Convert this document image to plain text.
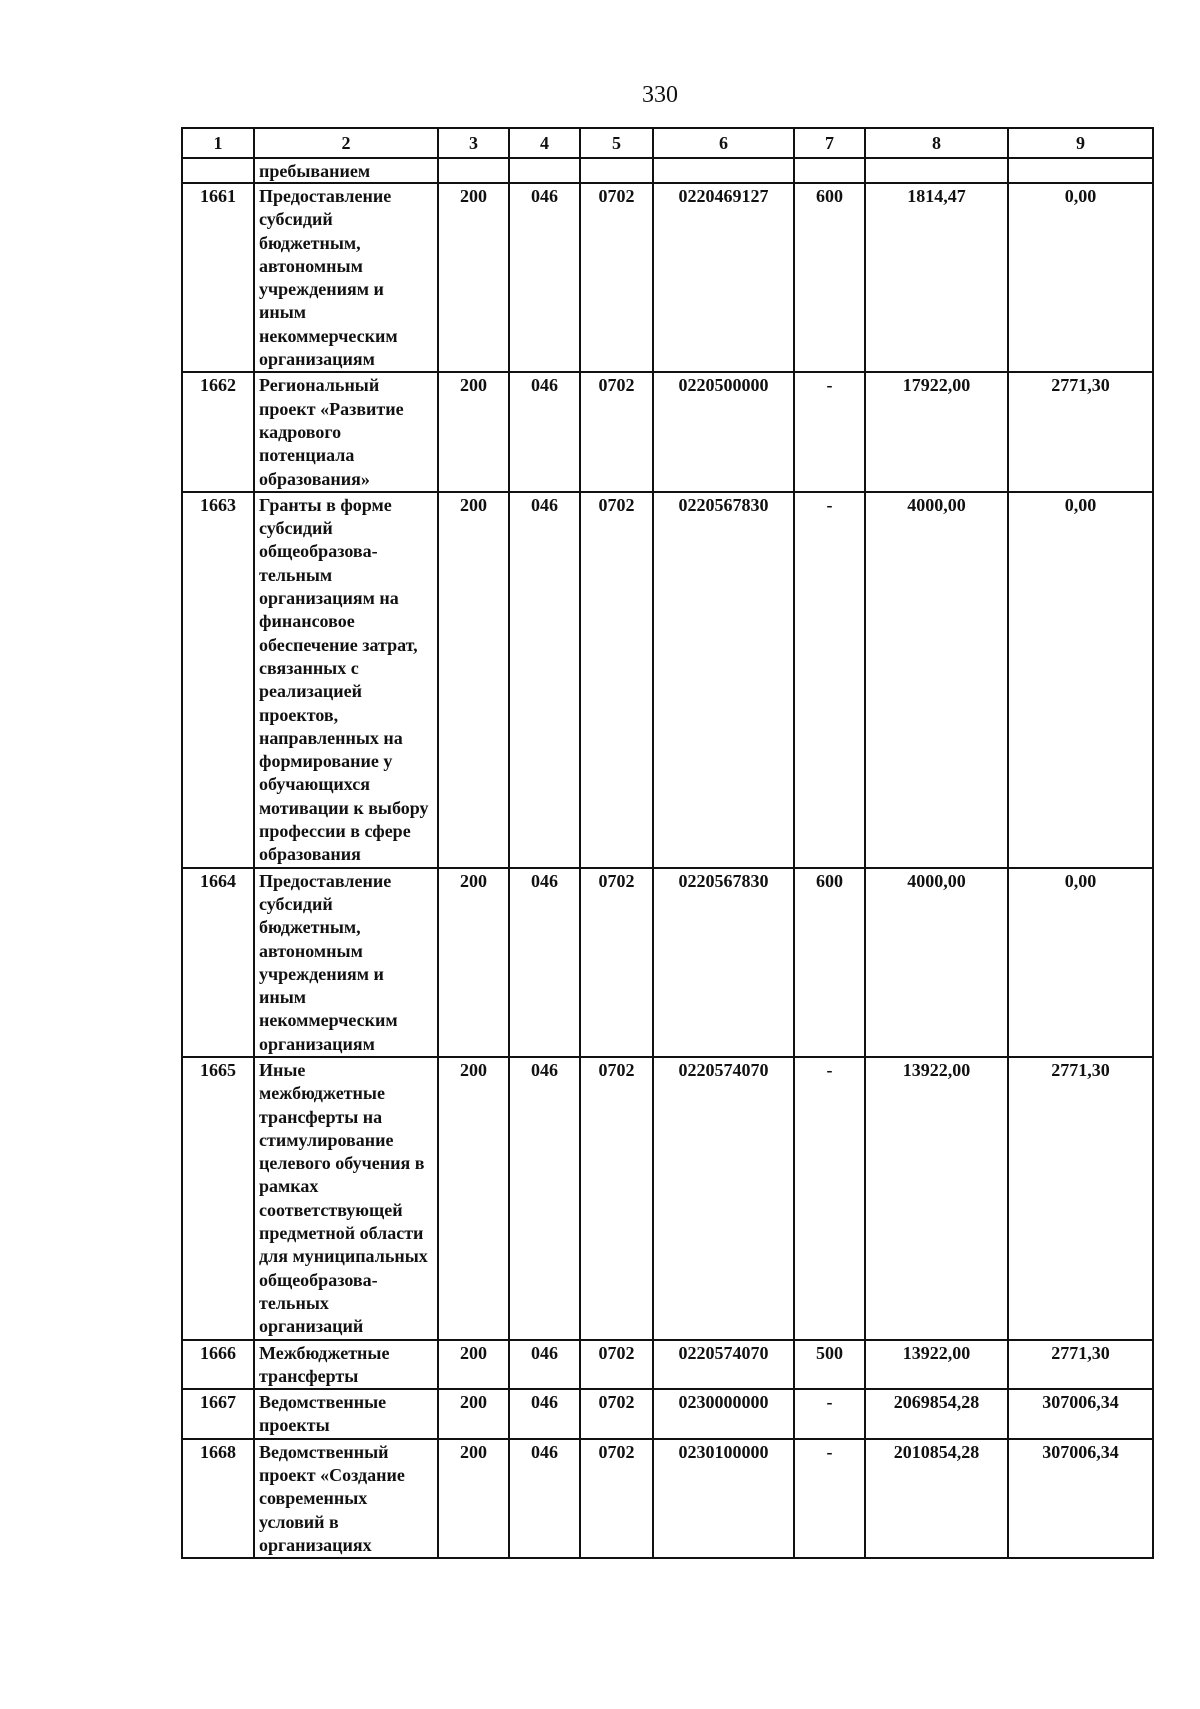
330
1	2	3	4	5	6	7	8	9
	пребыванием							
1661	Предоставление субсидий бюджетным, автономным учреждениям и иным некоммерческим организациям	200	046	0702	0220469127	600	1814,47	0,00
1662	Региональный проект «Развитие кадрового потенциала образования»	200	046	0702	0220500000	-	17922,00	2771,30
1663	Гранты в форме субсидий общеобразова-тельным организациям на финансовое обеспечение затрат, связанных с реализацией проектов, направленных на формирование у обучающихся мотивации к выбору профессии в сфере образования	200	046	0702	0220567830	-	4000,00	0,00
1664	Предоставление субсидий бюджетным, автономным учреждениям и иным некоммерческим организациям	200	046	0702	0220567830	600	4000,00	0,00
1665	Иные межбюджетные трансферты на стимулирование целевого обучения в рамках соответствующей предметной области для муниципальных общеобразова-тельных организаций	200	046	0702	0220574070	-	13922,00	2771,30
1666	Межбюджетные трансферты	200	046	0702	0220574070	500	13922,00	2771,30
1667	Ведомственные проекты	200	046	0702	0230000000	-	2069854,28	307006,34
1668	Ведомственный проект «Создание современных условий в организациях	200	046	0702	0230100000	-	2010854,28	307006,34
